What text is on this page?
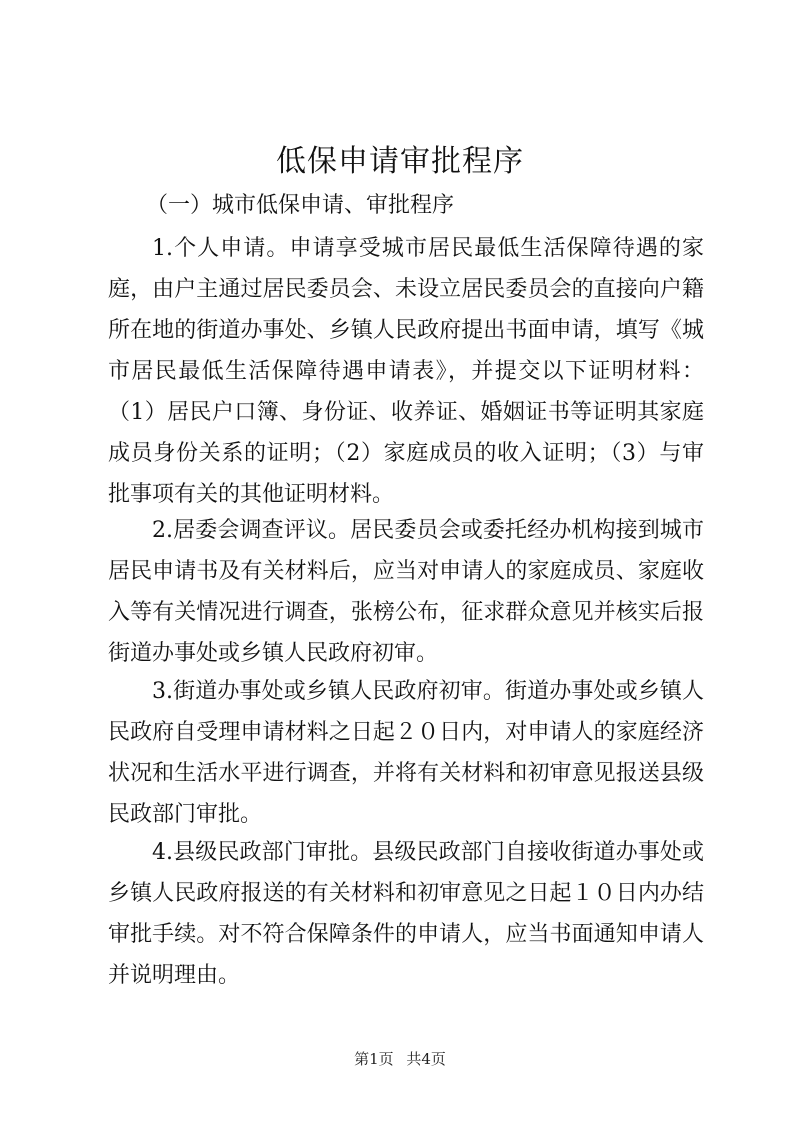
低保申请审批程序
（一）城市低保申请、审批程序

1.个人申请。申请享受城市居民最低生活保障待遇的家庭，由户主通过居民委员会、未设立居民委员会的直接向户籍所在地的街道办事处、乡镇人民政府提出书面申请，填写《城市居民最低生活保障待遇申请表》，并提交以下证明材料：（1）居民户口簿、身份证、收养证、婚姻证书等证明其家庭成员身份关系的证明；（2）家庭成员的收入证明；（3）与审批事项有关的其他证明材料。

2.居委会调查评议。居民委员会或委托经办机构接到城市居民申请书及有关材料后，应当对申请人的家庭成员、家庭收入等有关情况进行调查，张榜公布，征求群众意见并核实后报街道办事处或乡镇人民政府初审。

3.街道办事处或乡镇人民政府初审。街道办事处或乡镇人民政府自受理申请材料之日起２０日内，对申请人的家庭经济状况和生活水平进行调查，并将有关材料和初审意见报送县级民政部门审批。

4.县级民政部门审批。县级民政部门自接收街道办事处或乡镇人民政府报送的有关材料和初审意见之日起１０日内办结审批手续。对不符合保障条件的申请人，应当书面通知申请人并说明理由。

第1页 共4页
